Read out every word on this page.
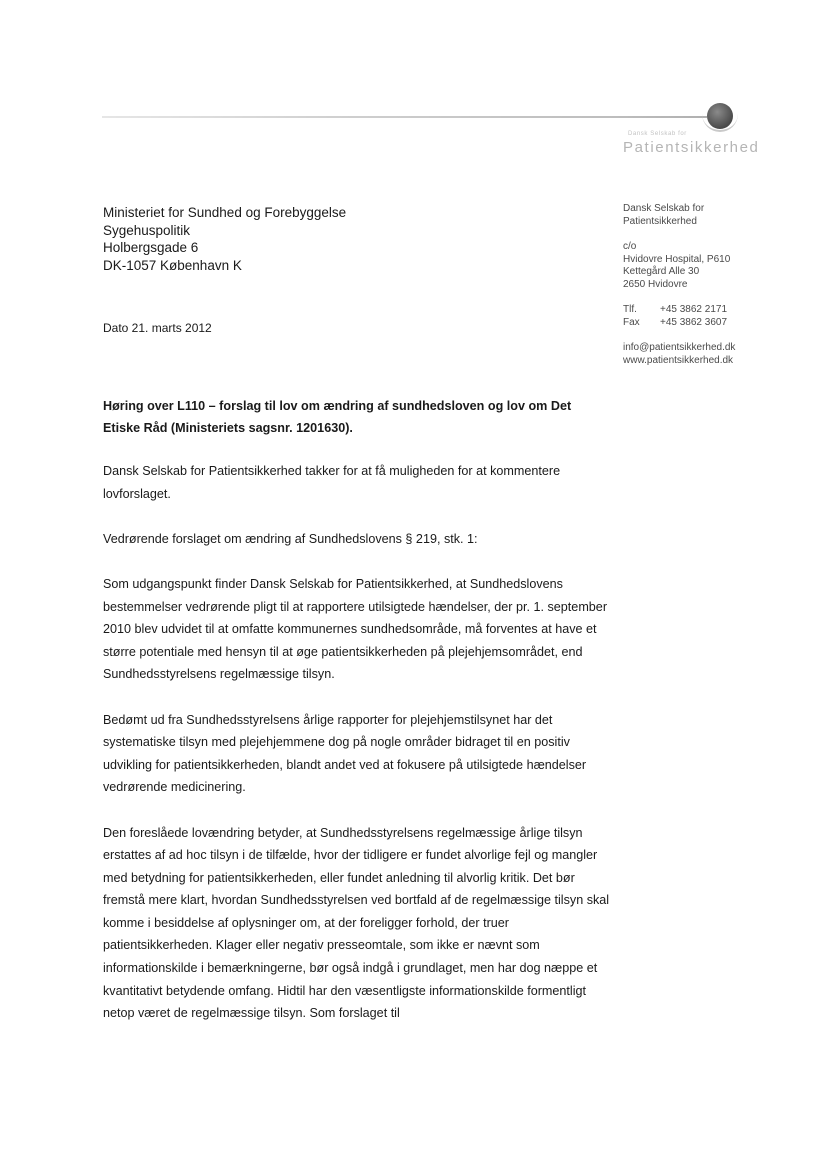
Dansk Selskab for
Patientsikkerhed
Ministeriet for Sundhed og Forebyggelse
Sygehuspolitik
Holbergsgade 6
DK-1057 København K
Dansk Selskab for
Patientsikkerhed
c/o
Hvidovre Hospital, P610
Kettegård Alle 30
2650 Hvidovre
Tlf. +45 3862 2171
Fax +45 3862 3607
info@patientsikkerhed.dk
www.patientsikkerhed.dk
Dato 21. marts 2012
Høring over L110 – forslag til lov om ændring af sundhedsloven og lov om Det Etiske Råd (Ministeriets sagsnr. 1201630).

Dansk Selskab for Patientsikkerhed takker for at få muligheden for at kommentere lovforslaget.

Vedrørende forslaget om ændring af Sundhedslovens § 219, stk. 1:

Som udgangspunkt finder Dansk Selskab for Patientsikkerhed, at Sundhedslovens bestemmelser vedrørende pligt til at rapportere utilsigtede hændelser, der pr. 1. september 2010 blev udvidet til at omfatte kommunernes sundhedsområde, må forventes at have et større potentiale med hensyn til at øge patientsikkerheden på plejehjemsområdet, end Sundhedsstyrelsens regelmæssige tilsyn.

Bedømt ud fra Sundhedsstyrelsens årlige rapporter for plejehjemstilsynet har det systematiske tilsyn med plejehjemmene dog på nogle områder bidraget til en positiv udvikling for patientsikkerheden, blandt andet ved at fokusere på utilsigtede hændelser vedrørende medicinering.

Den foreslåede lovændring betyder, at Sundhedsstyrelsens regelmæssige årlige tilsyn erstattes af ad hoc tilsyn i de tilfælde, hvor der tidligere er fundet alvorlige fejl og mangler med betydning for patientsikkerheden, eller fundet anledning til alvorlig kritik. Det bør fremstå mere klart, hvordan Sundhedsstyrelsen ved bortfald af de regelmæssige tilsyn skal komme i besiddelse af oplysninger om, at der foreligger forhold, der truer patientsikkerheden. Klager eller negativ presseomtale, som ikke er nævnt som informationskilde i bemærkningerne, bør også indgå i grundlaget, men har dog næppe et kvantitativt betydende omfang. Hidtil har den væsentligste informationskilde formentligt netop været de regelmæssige tilsyn. Som forslaget til
